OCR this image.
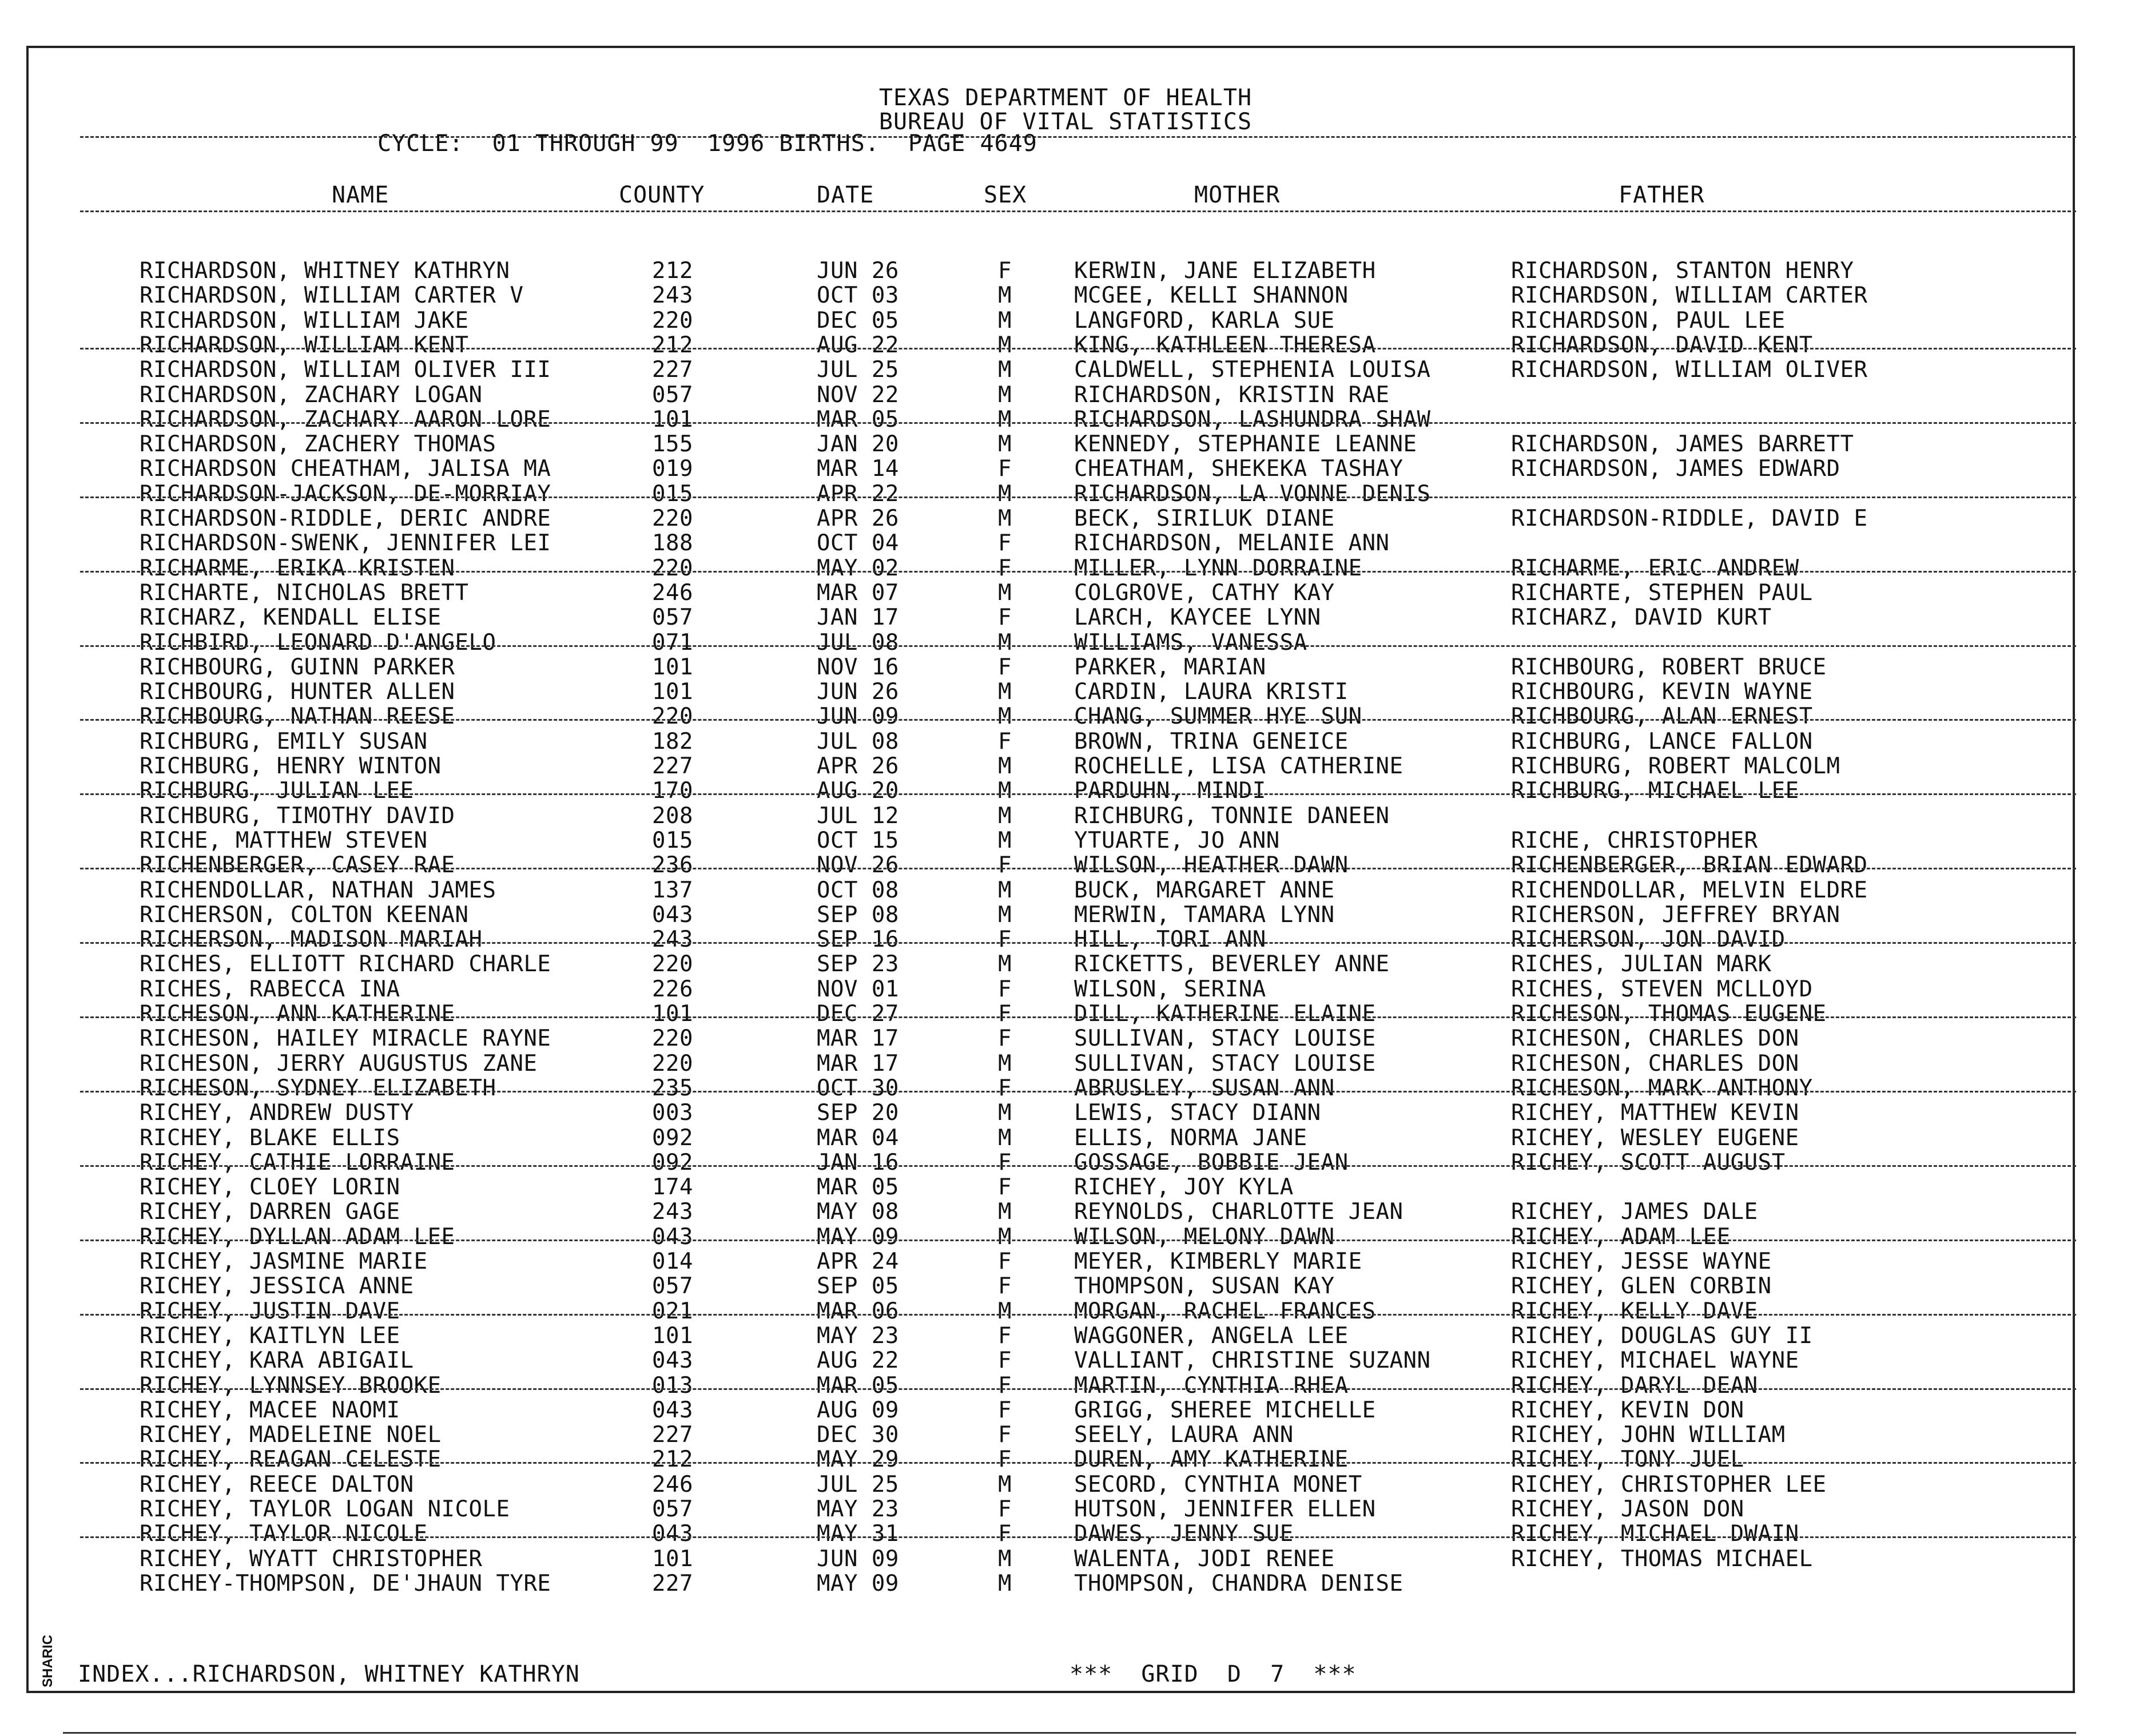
TEXAS DEPARTMENT OF HEALTH
BUREAU OF VITAL STATISTICS
CYCLE:  01 THROUGH 99  1996 BIRTHS.  PAGE 4649
NAME	COUNTY	DATE	SEX	MOTHER	FATHER
RICHARDSON, WHITNEY KATHRYN	212	JUN 26	F	KERWIN, JANE ELIZABETH	RICHARDSON, STANTON HENRY
RICHARDSON, WILLIAM CARTER V	243	OCT 03	M	MCGEE, KELLI SHANNON	RICHARDSON, WILLIAM CARTER
RICHARDSON, WILLIAM JAKE	220	DEC 05	M	LANGFORD, KARLA SUE	RICHARDSON, PAUL LEE
RICHARDSON, WILLIAM KENT	212	AUG 22	M	KING, KATHLEEN THERESA	RICHARDSON, DAVID KENT
RICHARDSON, WILLIAM OLIVER III	227	JUL 25	M	CALDWELL, STEPHENIA LOUISA	RICHARDSON, WILLIAM OLIVER
RICHARDSON, ZACHARY LOGAN	057	NOV 22	M	RICHARDSON, KRISTIN RAE
RICHARDSON, ZACHARY AARON LORE	101	MAR 05	M	RICHARDSON, LASHUNDRA SHAW
RICHARDSON, ZACHERY THOMAS	155	JAN 20	M	KENNEDY, STEPHANIE LEANNE	RICHARDSON, JAMES BARRETT
RICHARDSON CHEATHAM, JALISA MA	019	MAR 14	F	CHEATHAM, SHEKEKA TASHAY	RICHARDSON, JAMES EDWARD
RICHARDSON-JACKSON, DE-MORRIAY	015	APR 22	M	RICHARDSON, LA VONNE DENIS
RICHARDSON-RIDDLE, DERIC ANDRE	220	APR 26	M	BECK, SIRILUK DIANE	RICHARDSON-RIDDLE, DAVID E
RICHARDSON-SWENK, JENNIFER LEI	188	OCT 04	F	RICHARDSON, MELANIE ANN
RICHARME, ERIKA KRISTEN	220	MAY 02	F	MILLER, LYNN DORRAINE	RICHARME, ERIC ANDREW
RICHARTE, NICHOLAS BRETT	246	MAR 07	M	COLGROVE, CATHY KAY	RICHARTE, STEPHEN PAUL
RICHARZ, KENDALL ELISE	057	JAN 17	F	LARCH, KAYCEE LYNN	RICHARZ, DAVID KURT
RICHBIRD, LEONARD D'ANGELO	071	JUL 08	M	WILLIAMS, VANESSA
RICHBOURG, GUINN PARKER	101	NOV 16	F	PARKER, MARIAN	RICHBOURG, ROBERT BRUCE
RICHBOURG, HUNTER ALLEN	101	JUN 26	M	CARDIN, LAURA KRISTI	RICHBOURG, KEVIN WAYNE
RICHBOURG, NATHAN REESE	220	JUN 09	M	CHANG, SUMMER HYE SUN	RICHBOURG, ALAN ERNEST
RICHBURG, EMILY SUSAN	182	JUL 08	F	BROWN, TRINA GENEICE	RICHBURG, LANCE FALLON
RICHBURG, HENRY WINTON	227	APR 26	M	ROCHELLE, LISA CATHERINE	RICHBURG, ROBERT MALCOLM
RICHBURG, JULIAN LEE	170	AUG 20	M	PARDUHN, MINDI	RICHBURG, MICHAEL LEE
RICHBURG, TIMOTHY DAVID	208	JUL 12	M	RICHBURG, TONNIE DANEEN
RICHE, MATTHEW STEVEN	015	OCT 15	M	YTUARTE, JO ANN	RICHE, CHRISTOPHER
RICHENBERGER, CASEY RAE	236	NOV 26	F	WILSON, HEATHER DAWN	RICHENBERGER, BRIAN EDWARD
RICHENDOLLAR, NATHAN JAMES	137	OCT 08	M	BUCK, MARGARET ANNE	RICHENDOLLAR, MELVIN ELDRE
RICHERSON, COLTON KEENAN	043	SEP 08	M	MERWIN, TAMARA LYNN	RICHERSON, JEFFREY BRYAN
RICHERSON, MADISON MARIAH	243	SEP 16	F	HILL, TORI ANN	RICHERSON, JON DAVID
RICHES, ELLIOTT RICHARD CHARLE	220	SEP 23	M	RICKETTS, BEVERLEY ANNE	RICHES, JULIAN MARK
RICHES, RABECCA INA	226	NOV 01	F	WILSON, SERINA	RICHES, STEVEN MCLLOYD
RICHESON, ANN KATHERINE	101	DEC 27	F	DILL, KATHERINE ELAINE	RICHESON, THOMAS EUGENE
RICHESON, HAILEY MIRACLE RAYNE	220	MAR 17	F	SULLIVAN, STACY LOUISE	RICHESON, CHARLES DON
RICHESON, JERRY AUGUSTUS ZANE	220	MAR 17	M	SULLIVAN, STACY LOUISE	RICHESON, CHARLES DON
RICHESON, SYDNEY ELIZABETH	235	OCT 30	F	ABRUSLEY, SUSAN ANN	RICHESON, MARK ANTHONY
RICHEY, ANDREW DUSTY	003	SEP 20	M	LEWIS, STACY DIANN	RICHEY, MATTHEW KEVIN
RICHEY, BLAKE ELLIS	092	MAR 04	M	ELLIS, NORMA JANE	RICHEY, WESLEY EUGENE
RICHEY, CATHIE LORRAINE	092	JAN 16	F	GOSSAGE, BOBBIE JEAN	RICHEY, SCOTT AUGUST
RICHEY, CLOEY LORIN	174	MAR 05	F	RICHEY, JOY KYLA
RICHEY, DARREN GAGE	243	MAY 08	M	REYNOLDS, CHARLOTTE JEAN	RICHEY, JAMES DALE
RICHEY, DYLLAN ADAM LEE	043	MAY 09	M	WILSON, MELONY DAWN	RICHEY, ADAM LEE
RICHEY, JASMINE MARIE	014	APR 24	F	MEYER, KIMBERLY MARIE	RICHEY, JESSE WAYNE
RICHEY, JESSICA ANNE	057	SEP 05	F	THOMPSON, SUSAN KAY	RICHEY, GLEN CORBIN
RICHEY, JUSTIN DAVE	021	MAR 06	M	MORGAN, RACHEL FRANCES	RICHEY, KELLY DAVE
RICHEY, KAITLYN LEE	101	MAY 23	F	WAGGONER, ANGELA LEE	RICHEY, DOUGLAS GUY II
RICHEY, KARA ABIGAIL	043	AUG 22	F	VALLIANT, CHRISTINE SUZANN	RICHEY, MICHAEL WAYNE
RICHEY, LYNNSEY BROOKE	013	MAR 05	F	MARTIN, CYNTHIA RHEA	RICHEY, DARYL DEAN
RICHEY, MACEE NAOMI	043	AUG 09	F	GRIGG, SHEREE MICHELLE	RICHEY, KEVIN DON
RICHEY, MADELEINE NOEL	227	DEC 30	F	SEELY, LAURA ANN	RICHEY, JOHN WILLIAM
RICHEY, REAGAN CELESTE	212	MAY 29	F	DUREN, AMY KATHERINE	RICHEY, TONY JUEL
RICHEY, REECE DALTON	246	JUL 25	M	SECORD, CYNTHIA MONET	RICHEY, CHRISTOPHER LEE
RICHEY, TAYLOR LOGAN NICOLE	057	MAY 23	F	HUTSON, JENNIFER ELLEN	RICHEY, JASON DON
RICHEY, TAYLOR NICOLE	043	MAY 31	F	DAWES, JENNY SUE	RICHEY, MICHAEL DWAIN
RICHEY, WYATT CHRISTOPHER	101	JUN 09	M	WALENTA, JODI RENEE	RICHEY, THOMAS MICHAEL
RICHEY-THOMPSON, DE'JHAUN TYRE	227	MAY 09	M	THOMPSON, CHANDRA DENISE
INDEX...RICHARDSON, WHITNEY KATHRYN	***  GRID  D  7  ***
SHARIC
